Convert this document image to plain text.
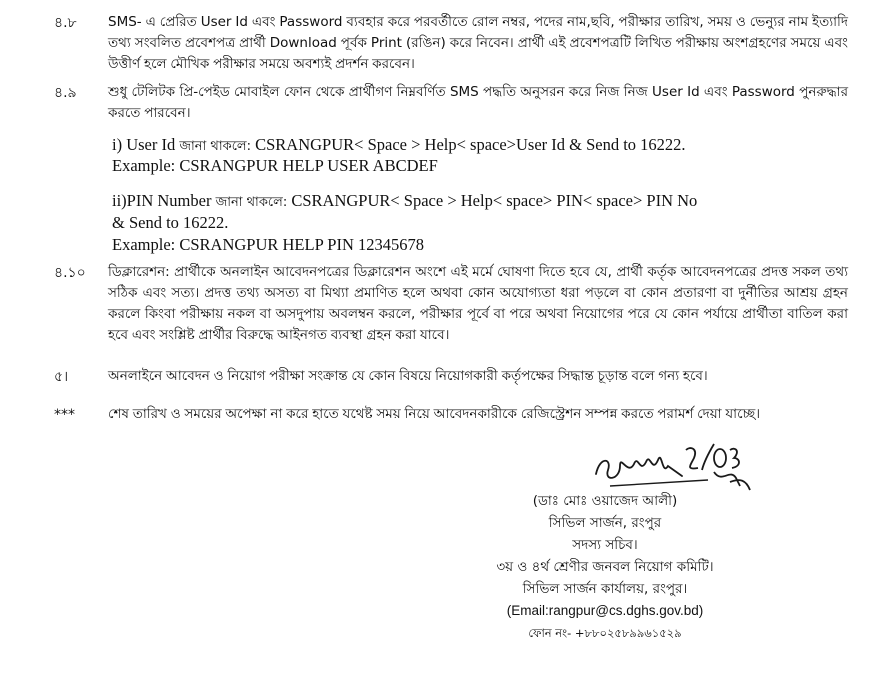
৪.৮	SMS- এ প্রেরিত User Id এবং Password ব্যবহার করে পরবর্তীতে রোল নম্বর, পদের নাম,ছবি, পরীক্ষার তারিখ, সময় ও ভেন্যুর নাম ইত্যাদি তথ্য সংবলিত প্রবেশপত্র প্রার্থী Download পূর্বক Print (রঙিন) করে নিবেন। প্রার্থী এই প্রবেশপত্রটি লিখিত পরীক্ষায় অংশগ্রহণের সময়ে এবং উত্তীর্ণ হলে মৌখিক পরীক্ষার সময়ে অবশ্যই প্রদর্শন করবেন।
৪.৯	শুধু টেলিটক প্রি-পেইড মোবাইল ফোন থেকে প্রার্থীগণ নিম্নবর্ণিত SMS পদ্ধতি অনুসরন করে নিজ নিজ User Id এবং Password পুনরুদ্ধার করতে পারবেন।
i) User Id জানা থাকলে: CSRANGPUR< Space > Help< space>User Id & Send to 16222.
Example: CSRANGPUR HELP USER ABCDEF
ii)PIN Number জানা থাকলে: CSRANGPUR< Space > Help< space> PIN< space> PIN No
& Send to 16222.
Example: CSRANGPUR HELP PIN 12345678
৪.১০	ডিক্লারেশন: প্রার্থীকে অনলাইন আবেদনপত্রের ডিক্লারেশন অংশে এই মর্মে ঘোষণা দিতে হবে যে, প্রার্থী কর্তৃক আবেদনপত্রের প্রদত্ত সকল তথ্য সঠিক এবং সত্য। প্রদত্ত তথ্য অসত্য বা মিথ্যা প্রমাণিত হলে অথবা কোন অযোগ্যতা ধরা পড়লে বা কোন প্রতারণা বা দুর্নীতির আশ্রয় গ্রহন করলে কিংবা পরীক্ষায় নকল বা অসদুপায় অবলম্বন করলে, পরীক্ষার পূর্বে বা পরে অথবা নিয়োগের পরে যে কোন পর্যায়ে প্রার্থীতা বাতিল করা হবে এবং সংশ্লিষ্ট প্রার্থীর বিরুদ্ধে আইনগত ব্যবস্থা গ্রহন করা যাবে।
৫।	অনলাইনে আবেদন ও নিয়োগ পরীক্ষা সংক্রান্ত যে কোন বিষয়ে নিয়োগকারী কর্তৃপক্ষের সিদ্ধান্ত চূড়ান্ত বলে গন্য হবে।
***	শেষ তারিখ ও সময়ের অপেক্ষা না করে হাতে যথেষ্ট সময় নিয়ে আবেদনকারীকে রেজিস্ট্রেশন সম্পন্ন করতে পরামর্শ দেয়া যাচ্ছে।
(ডাঃ মোঃ ওয়াজেদ আলী)
সিভিল সার্জন, রংপুর
সদস্য সচিব।
৩য় ও ৪র্থ শ্রেণীর জনবল নিয়োগ কমিটি।
সিভিল সার্জন কার্যালয়, রংপুর।
(Email:rangpur@cs.dghs.gov.bd)
ফোন নং- +৮৮০২৫৮৯৯৬১৫২৯
